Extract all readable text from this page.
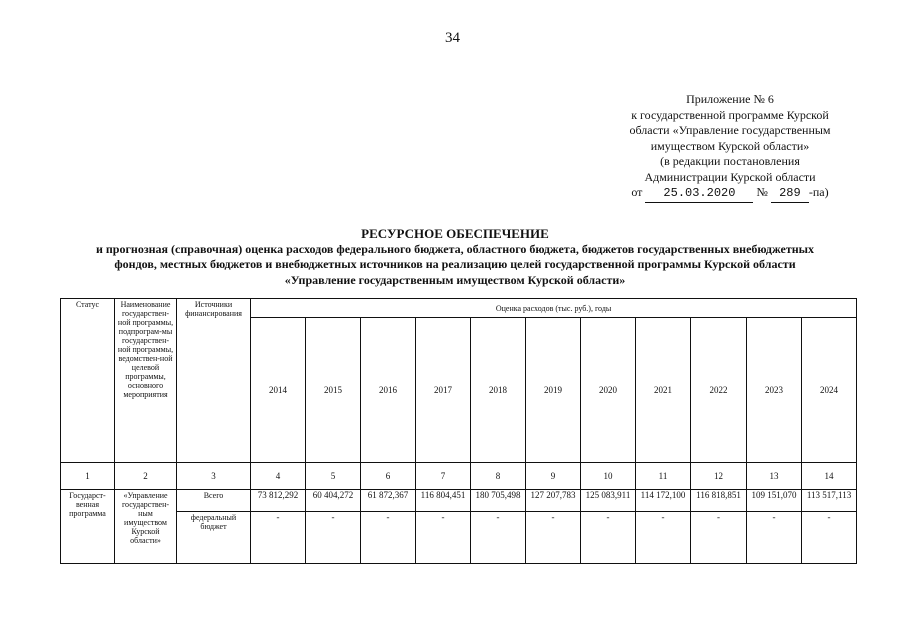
34
Приложение № 6
к государственной программе Курской
области «Управление государственным
имуществом Курской области»
(в редакции постановления
Администрации Курской области
от 25.03.2020 № 289 -па)
РЕСУРСНОЕ ОБЕСПЕЧЕНИЕ
и прогнозная (справочная) оценка расходов федерального бюджета, областного бюджета, бюджетов государственных внебюджетных
фондов, местных бюджетов и внебюджетных источников на реализацию целей государственной программы Курской области
«Управление государственным имуществом Курской области»
Статус	Наименование государствен-ной программы, подпрограм-мы государствен-ной программы, ведомствен-ной целевой программы, основного мероприятия	Источники финансирования	Оценка расходов (тыс. руб.), годы										
			2014	2015	2016	2017	2018	2019	2020	2021	2022	2023	2024
1	2	3	4	5	6	7	8	9	10	11	12	13	14
Государст-венная программа	«Управление государствен-ным имуществом Курской области»	Всего	73 812,292	60 404,272	61 872,367	116 804,451	180 705,498	127 207,783	125 083,911	114 172,100	116 818,851	109 151,070	113 517,113
		федеральный бюджет	-	-	-	-	-	-	-	-	-	-	-
